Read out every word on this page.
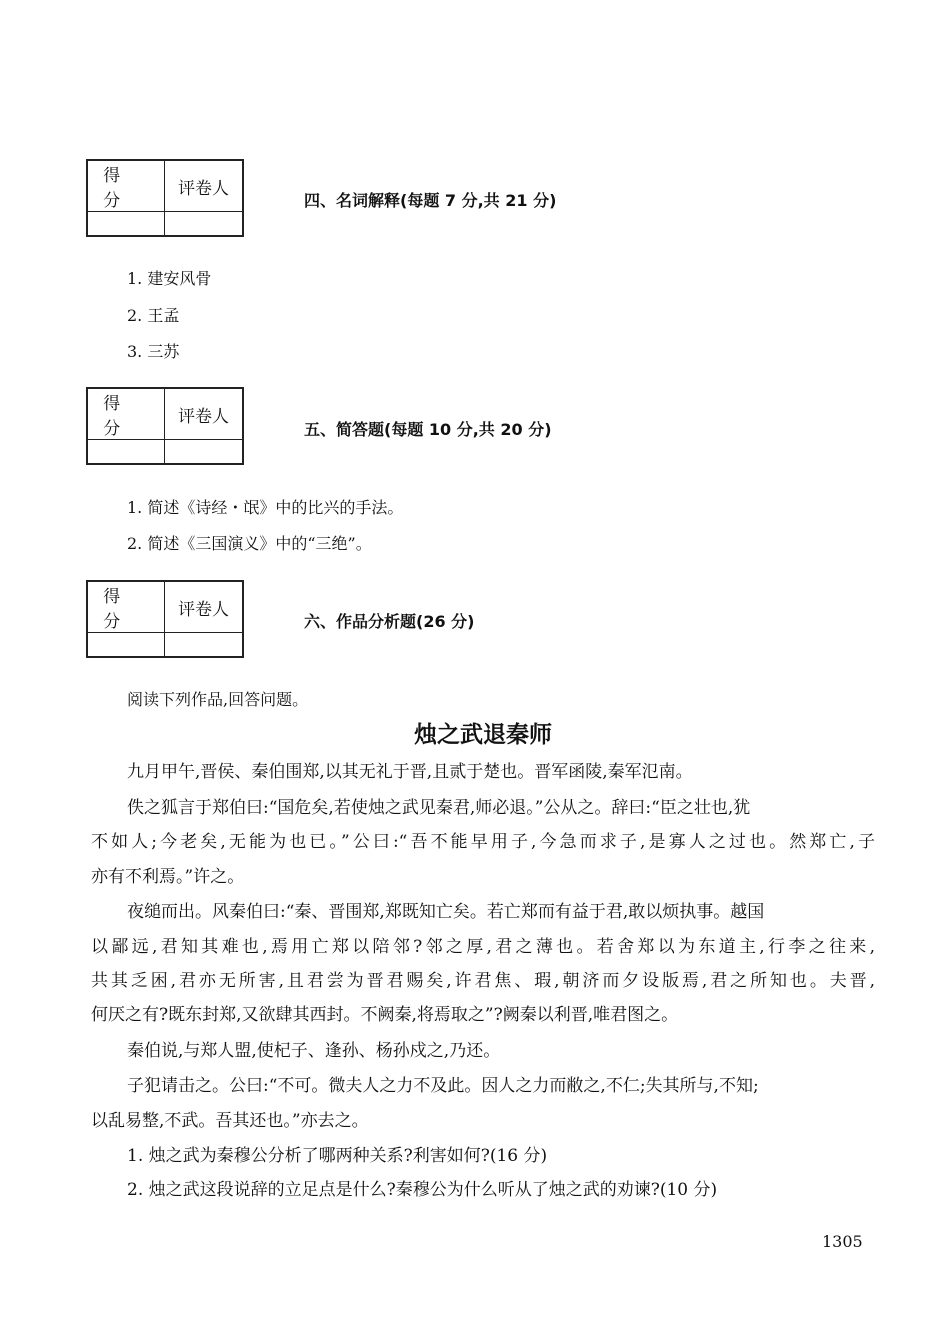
得分
评卷人
四、名词解释(每题 7 分,共 21 分)
1. 建安风骨
2. 王孟
3. 三苏
得分
评卷人
五、简答题(每题 10 分,共 20 分)
1. 简述《诗经・氓》中的比兴的手法。
2. 简述《三国演义》中的“三绝”。
得分
评卷人
六、作品分析题(26 分)
阅读下列作品,回答问题。
烛之武退秦师
九月甲午,晋侯、秦伯围郑,以其无礼于晋,且贰于楚也。晋军函陵,秦军氾南。
佚之狐言于郑伯曰:“国危矣,若使烛之武见秦君,师必退。”公从之。辞曰:“臣之壮也,犹
不如人;今老矣,无能为也已。”公曰:“吾不能早用子,今急而求子,是寡人之过也。然郑亡,子
亦有不利焉。”许之。
夜缒而出。风秦伯曰:“秦、晋围郑,郑既知亡矣。若亡郑而有益于君,敢以烦执事。越国
以鄙远,君知其难也,焉用亡郑以陪邻?邻之厚,君之薄也。若舍郑以为东道主,行李之往来,
共其乏困,君亦无所害,且君尝为晋君赐矣,许君焦、瑕,朝济而夕设版焉,君之所知也。夫晋,
何厌之有?既东封郑,又欲肆其西封。不阙秦,将焉取之”?阙秦以利晋,唯君图之。
秦伯说,与郑人盟,使杞子、逢孙、杨孙戍之,乃还。
子犯请击之。公曰:“不可。微夫人之力不及此。因人之力而敝之,不仁;失其所与,不知;
以乱易整,不武。吾其还也。”亦去之。
1. 烛之武为秦穆公分析了哪两种关系?利害如何?(16 分)
2. 烛之武这段说辞的立足点是什么?秦穆公为什么听从了烛之武的劝谏?(10 分)
1305
